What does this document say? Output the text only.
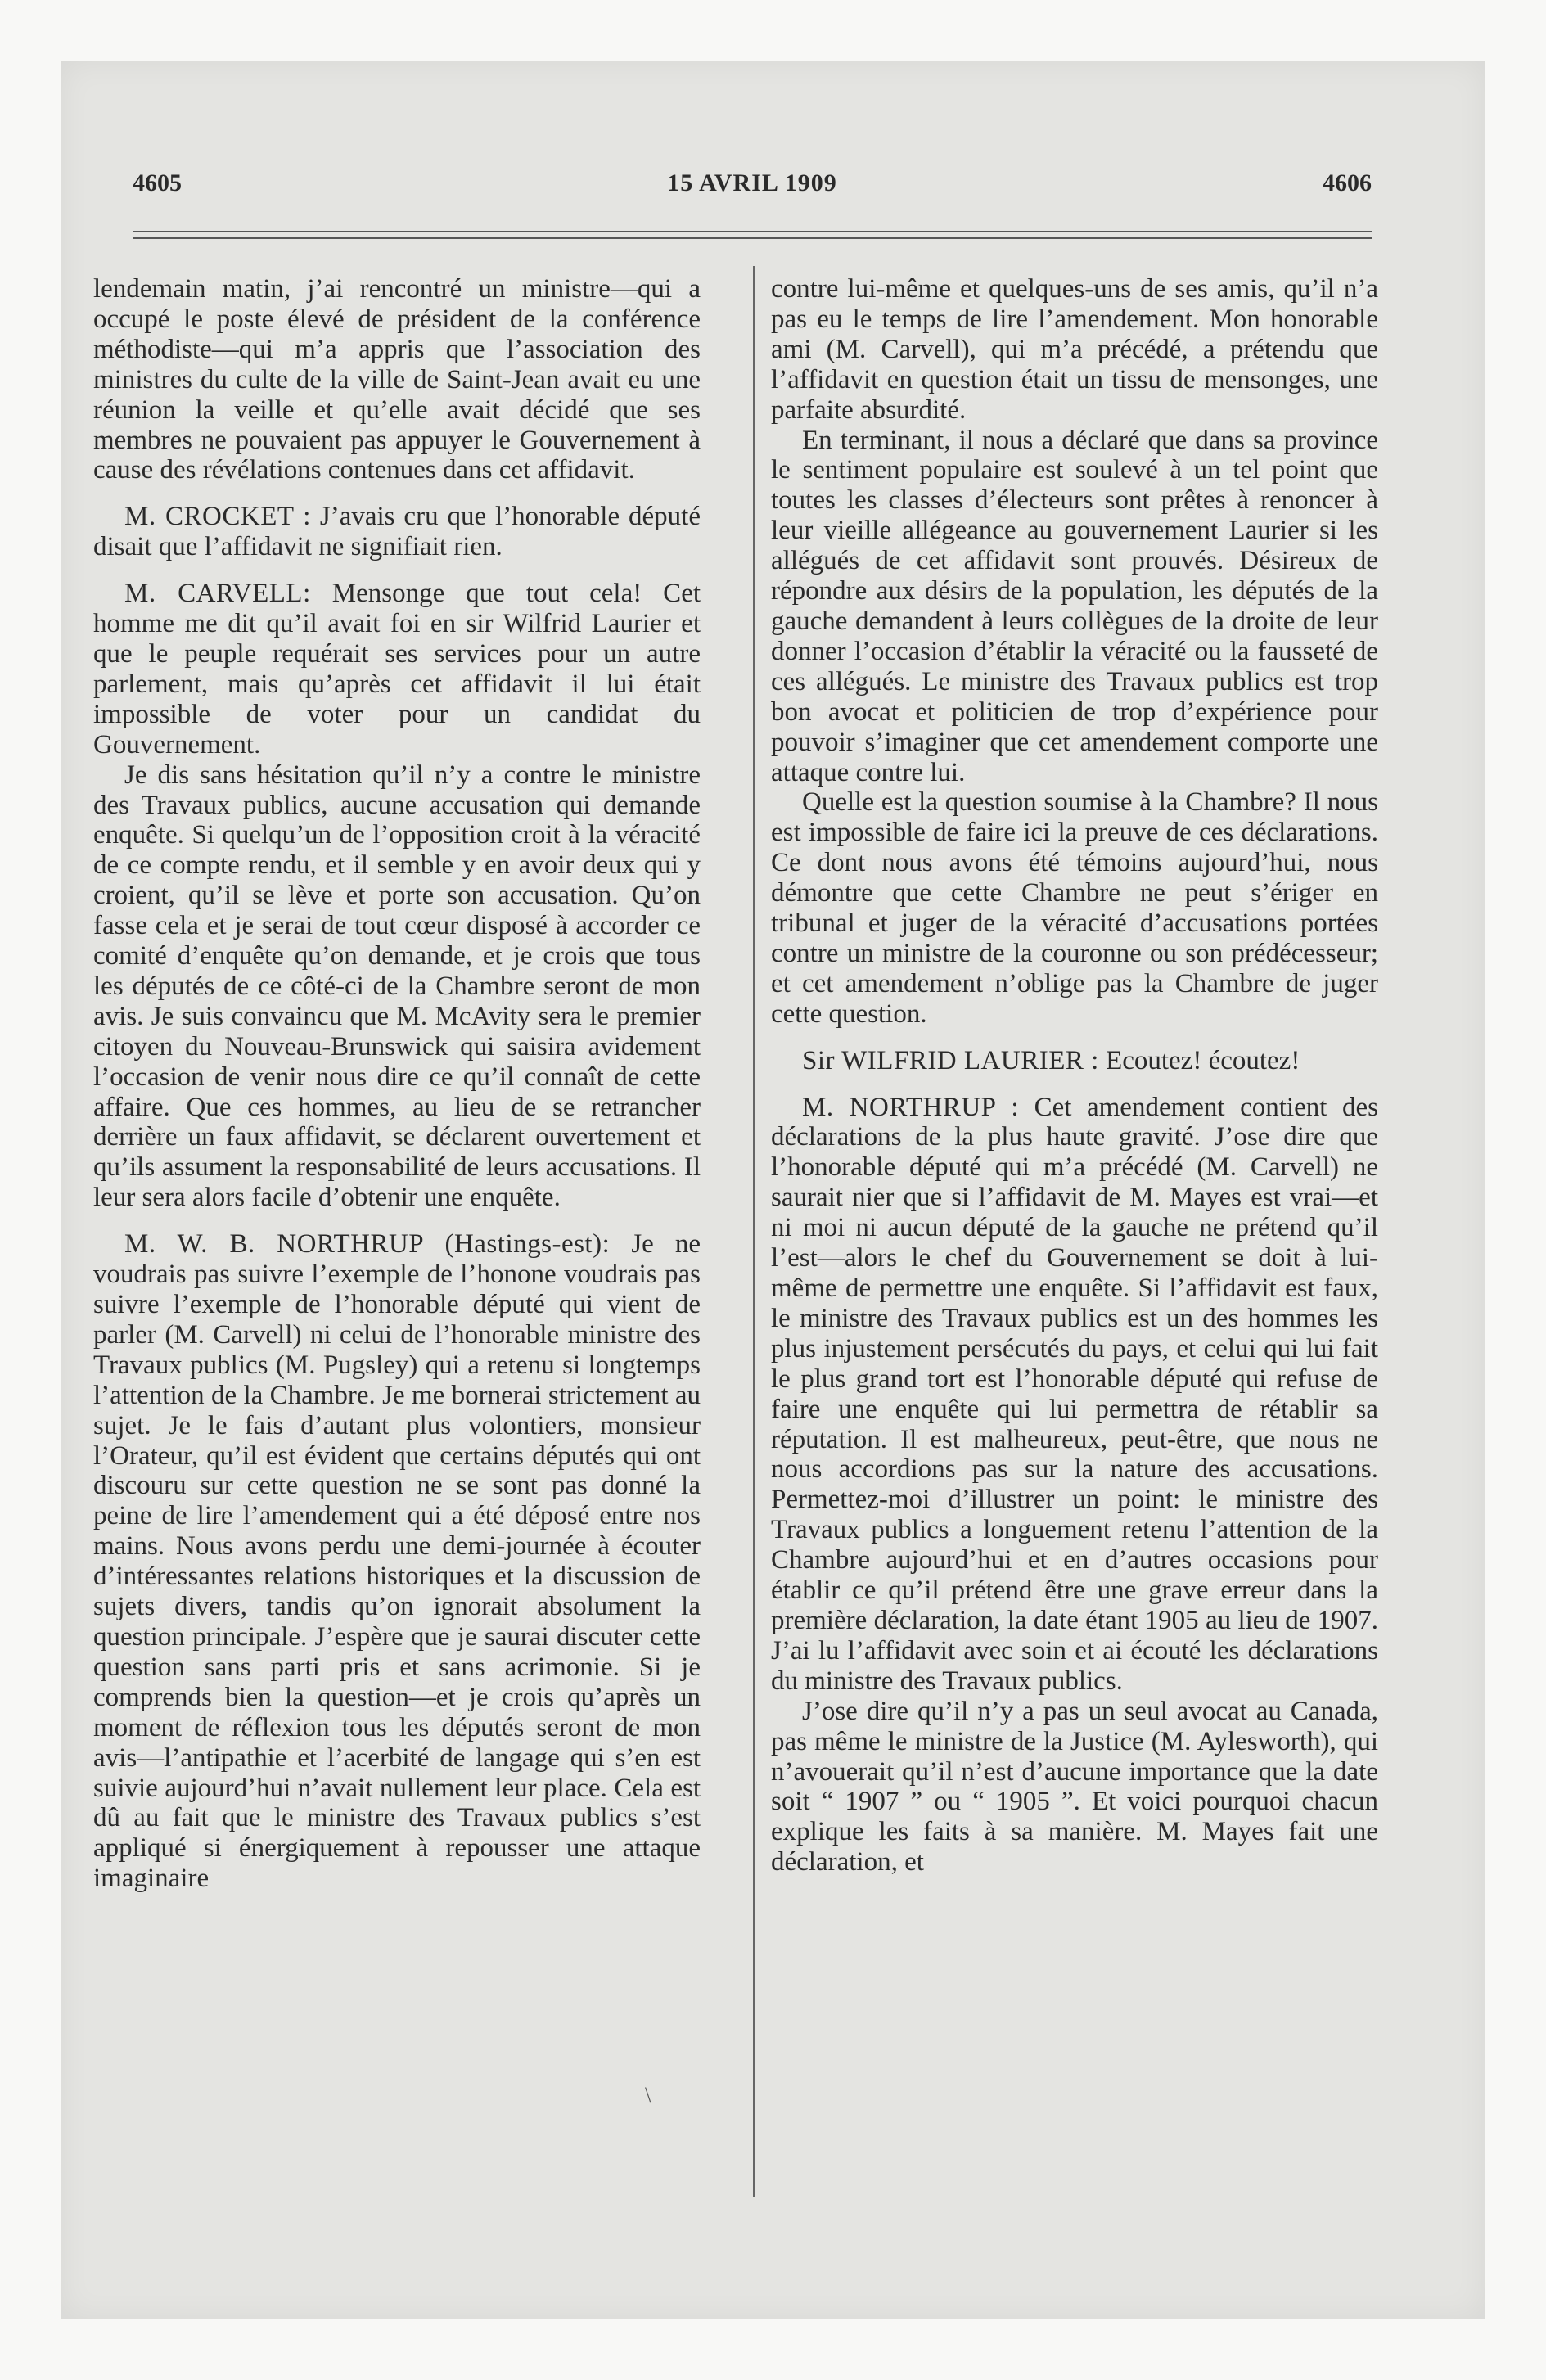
4605	15 AVRIL 1909	4606

lendemain matin, j’ai rencontré un ministre—qui a occupé le poste élevé de président de la conférence méthodiste—qui m’a appris que l’association des ministres du culte de la ville de Saint-Jean avait eu une réunion la veille et qu’elle avait décidé que ses membres ne pouvaient pas appuyer le Gouvernement à cause des révélations contenues dans cet affidavit.

M. CROCKET : J’avais cru que l’honorable député disait que l’affidavit ne signifiait rien.

M. CARVELL: Mensonge que tout cela! Cet homme me dit qu’il avait foi en sir Wilfrid Laurier et que le peuple requérait ses services pour un autre parlement, mais qu’après cet affidavit il lui était impossible de voter pour un candidat du Gouvernement.

Je dis sans hésitation qu’il n’y a contre le ministre des Travaux publics, aucune accusation qui demande enquête. Si quelqu’un de l’opposition croit à la véracité de ce compte rendu, et il semble y en avoir deux qui y croient, qu’il se lève et porte son accusation. Qu’on fasse cela et je serai de tout cœur disposé à accorder ce comité d’enquête qu’on demande, et je crois que tous les députés de ce côté-ci de la Chambre seront de mon avis. Je suis convaincu que M. McAvity sera le premier citoyen du Nouveau-Brunswick qui saisira avidement l’occasion de venir nous dire ce qu’il connaît de cette affaire. Que ces hommes, au lieu de se retrancher derrière un faux affidavit, se déclarent ouvertement et qu’ils assument la responsabilité de leurs accusations. Il leur sera alors facile d’obtenir une enquête.

M. W. B. NORTHRUP (Hastings-est): Je ne voudrais pas suivre l’exemple de l’honone voudrais pas suivre l’exemple de l’honorable député qui vient de parler (M. Carvell) ni celui de l’honorable ministre des Travaux publics (M. Pugsley) qui a retenu si longtemps l’attention de la Chambre. Je me bornerai strictement au sujet. Je le fais d’autant plus volontiers, monsieur l’Orateur, qu’il est évident que certains députés qui ont discouru sur cette question ne se sont pas donné la peine de lire l’amendement qui a été déposé entre nos mains. Nous avons perdu une demi-journée à écouter d’intéressantes relations historiques et la discussion de sujets divers, tandis qu’on ignorait absolument la question principale. J’espère que je saurai discuter cette question sans parti pris et sans acrimonie. Si je comprends bien la question—et je crois qu’après un moment de réflexion tous les députés seront de mon avis—l’antipathie et l’acerbité de langage qui s’en est suivie aujourd’hui n’avait nullement leur place. Cela est dû au fait que le ministre des Travaux publics s’est appliqué si énergiquement à repousser une attaque imaginaire

contre lui-même et quelques-uns de ses amis, qu’il n’a pas eu le temps de lire l’amendement. Mon honorable ami (M. Carvell), qui m’a précédé, a prétendu que l’affidavit en question était un tissu de mensonges, une parfaite absurdité.

En terminant, il nous a déclaré que dans sa province le sentiment populaire est soulevé à un tel point que toutes les classes d’électeurs sont prêtes à renoncer à leur vieille allégeance au gouvernement Laurier si les allégués de cet affidavit sont prouvés. Désireux de répondre aux désirs de la population, les députés de la gauche demandent à leurs collègues de la droite de leur donner l’occasion d’établir la véracité ou la fausseté de ces allégués. Le ministre des Travaux publics est trop bon avocat et politicien de trop d’expérience pour pouvoir s’imaginer que cet amendement comporte une attaque contre lui.

Quelle est la question soumise à la Chambre? Il nous est impossible de faire ici la preuve de ces déclarations. Ce dont nous avons été témoins aujourd’hui, nous démontre que cette Chambre ne peut s’ériger en tribunal et juger de la véracité d’accusations portées contre un ministre de la couronne ou son prédécesseur; et cet amendement n’oblige pas la Chambre de juger cette question.

Sir WILFRID LAURIER : Ecoutez! écoutez!

M. NORTHRUP : Cet amendement contient des déclarations de la plus haute gravité. J’ose dire que l’honorable député qui m’a précédé (M. Carvell) ne saurait nier que si l’affidavit de M. Mayes est vrai—et ni moi ni aucun député de la gauche ne prétend qu’il l’est—alors le chef du Gouvernement se doit à lui-même de permettre une enquête. Si l’affidavit est faux, le ministre des Travaux publics est un des hommes les plus injustement persécutés du pays, et celui qui lui fait le plus grand tort est l’honorable député qui refuse de faire une enquête qui lui permettra de rétablir sa réputation. Il est malheureux, peut-être, que nous ne nous accordions pas sur la nature des accusations. Permettez-moi d’illustrer un point: le ministre des Travaux publics a longuement retenu l’attention de la Chambre aujourd’hui et en d’autres occasions pour établir ce qu’il prétend être une grave erreur dans la première déclaration, la date étant 1905 au lieu de 1907. J’ai lu l’affidavit avec soin et ai écouté les déclarations du ministre des Travaux publics.

J’ose dire qu’il n’y a pas un seul avocat au Canada, pas même le ministre de la Justice (M. Aylesworth), qui n’avouerait qu’il n’est d’aucune importance que la date soit “ 1907 ” ou “ 1905 ”. Et voici pourquoi chacun explique les faits à sa manière. M. Mayes fait une déclaration, et

\
